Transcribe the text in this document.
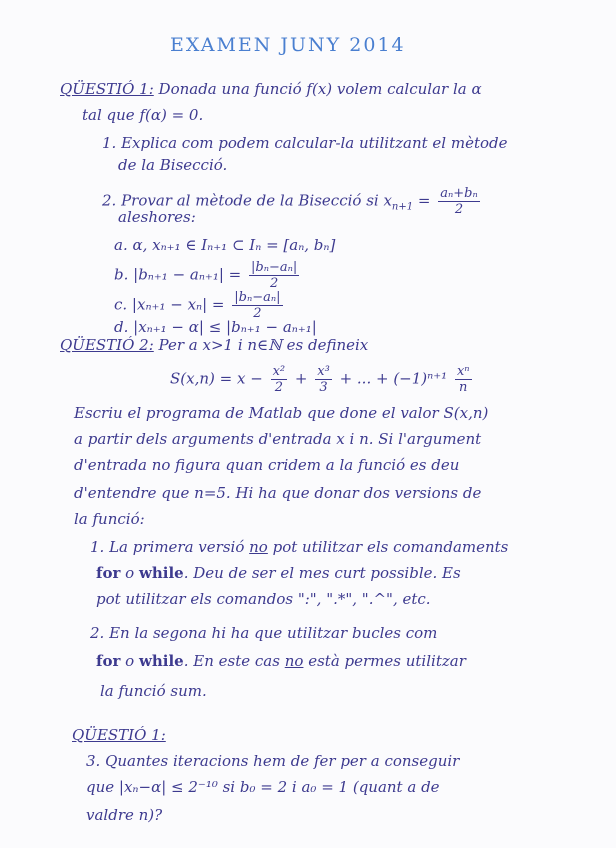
EXAMEN JUNY 2014
QÜESTIÓ 1: Donada una funció f(x) volem calcular la α
tal que f(α) = 0.
1. Explica com podem calcular-la utilitzant el mètode
de la Bisecció.
2. Provar al mètode de la Bisecció si $x_{n+1} = \frac{\text{aₙ+bₙ}}{2}$
aleshores:
a. α, xₙ₊₁ ∈ Iₙ₊₁ ⊂ Iₙ = [aₙ, bₙ]
b. $|b_{n+1} - a_{n+1}| = \frac{\text{|bₙ−aₙ|}}{2}$
c. $|x_{n+1} - x_n| = \frac{\text{|bₙ−aₙ|}}{2}$
d. |xₙ₊₁ − α| ≤ |bₙ₊₁ − aₙ₊₁|
QÜESTIÓ 2: Per a x>1 i n∈ℕ es defineix
$S(x,n) = x - \frac{\text{x²}}{2} + \frac{\text{x³}}{3}$ + ... + $(-1)^{n+1} \frac{\text{xⁿ}}{n}$
Escriu el programa de Matlab que done el valor S(x,n)
a partir dels arguments d'entrada x i n. Si l'argument
d'entrada no figura quan cridem a la funció es deu
d'entendre que n=5. Hi ha que donar dos versions de
la funció:
1. La primera versió no pot utilitzar els comandaments
for o while. Deu de ser el mes curt possible. Es
pot utilitzar els comandos ":", ".*", ".^", etc.
2. En la segona hi ha que utilitzar bucles com
for o while. En este cas no està permes utilitzar
la funció sum.
QÜESTIÓ 1:
3. Quantes iteracions hem de fer per a conseguir
que |xₙ−α| ≤ 2⁻¹⁰ si b₀ = 2 i a₀ = 1 (quant a de
valdre n)?
